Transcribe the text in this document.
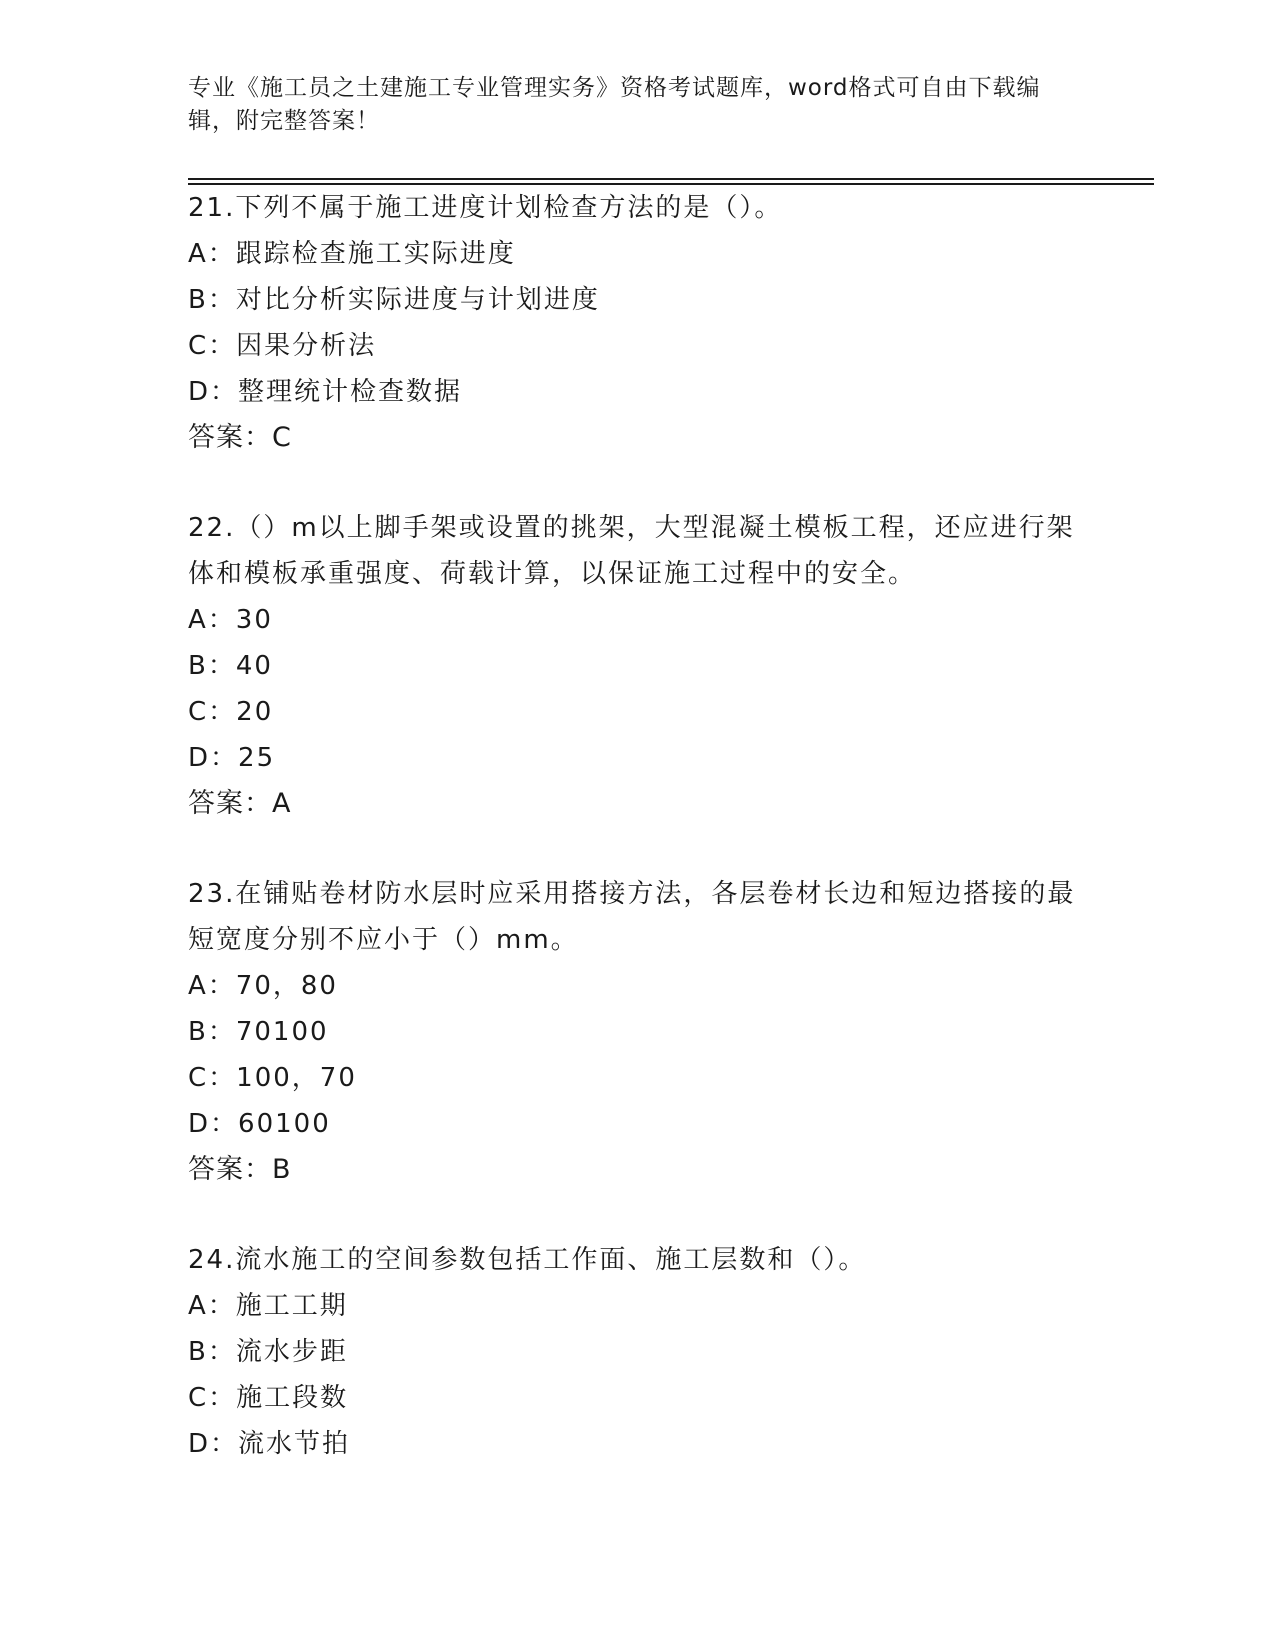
专业《施工员之土建施工专业管理实务》资格考试题库，word格式可自由下载编辑，附完整答案！

21.下列不属于施工进度计划检查方法的是（）。

A：跟踪检查施工实际进度

B：对比分析实际进度与计划进度

C：因果分析法

D：整理统计检查数据

答案：C

22.（）m以上脚手架或设置的挑架，大型混凝土模板工程，还应进行架体和模板承重强度、荷载计算，以保证施工过程中的安全。

A：30

B：40

C：20

D：25

答案：A

23.在铺贴卷材防水层时应采用搭接方法，各层卷材长边和短边搭接的最短宽度分别不应小于（）mm。

A：70，80

B：70100

C：100，70

D：60100

答案：B

24.流水施工的空间参数包括工作面、施工层数和（）。

A：施工工期

B：流水步距

C：施工段数

D：流水节拍
